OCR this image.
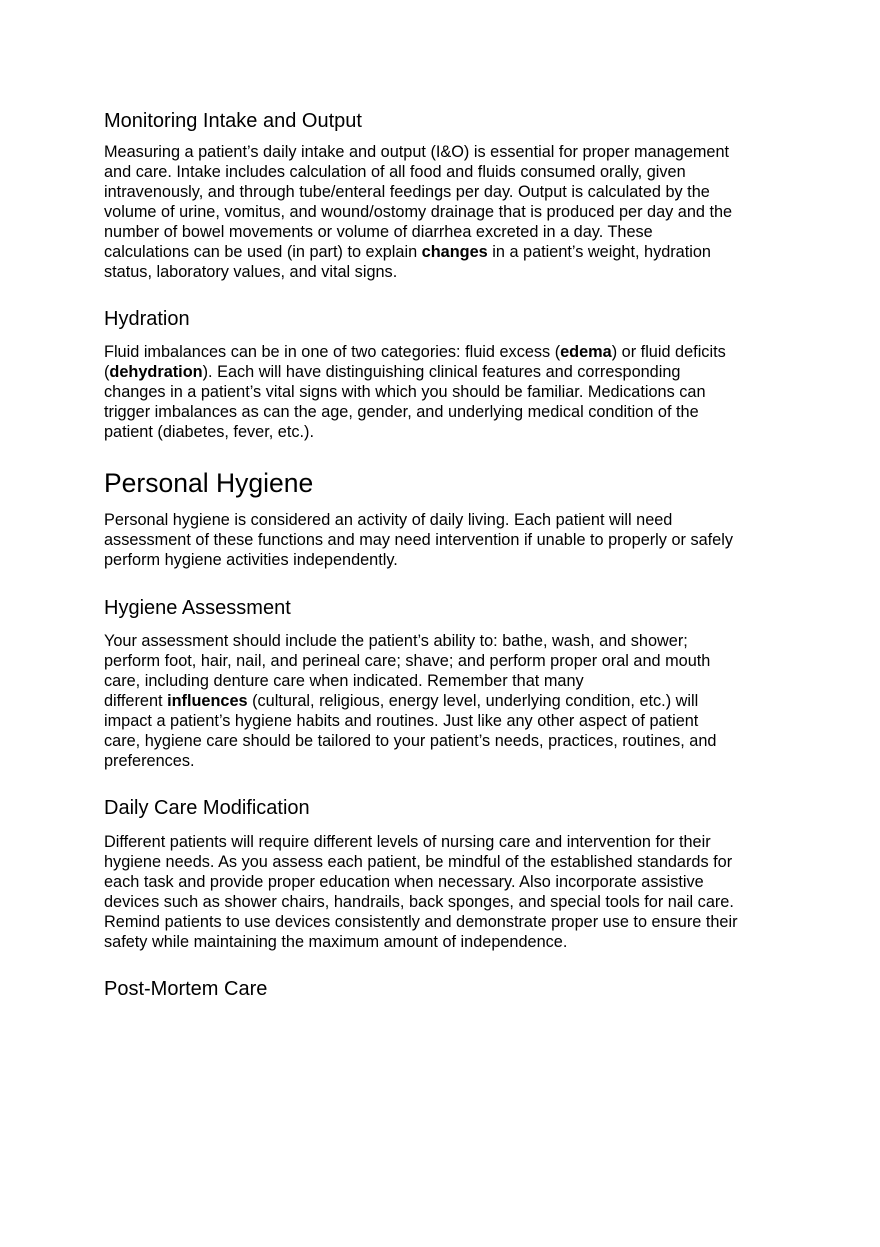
Monitoring Intake and Output
Measuring a patient’s daily intake and output (I&O) is essential for proper management
and care. Intake includes calculation of all food and fluids consumed orally, given
intravenously, and through tube/enteral feedings per day. Output is calculated by the
volume of urine, vomitus, and wound/ostomy drainage that is produced per day and the
number of bowel movements or volume of diarrhea excreted in a day. These
calculations can be used (in part) to explain changes in a patient’s weight, hydration
status, laboratory values, and vital signs.
Hydration
Fluid imbalances can be in one of two categories: fluid excess (edema) or fluid deficits
(dehydration). Each will have distinguishing clinical features and corresponding
changes in a patient’s vital signs with which you should be familiar. Medications can
trigger imbalances as can the age, gender, and underlying medical condition of the
patient (diabetes, fever, etc.).
Personal Hygiene
Personal hygiene is considered an activity of daily living. Each patient will need
assessment of these functions and may need intervention if unable to properly or safely
perform hygiene activities independently.
Hygiene Assessment
Your assessment should include the patient’s ability to: bathe, wash, and shower;
perform foot, hair, nail, and perineal care; shave; and perform proper oral and mouth
care, including denture care when indicated. Remember that many
different influences (cultural, religious, energy level, underlying condition, etc.) will
impact a patient’s hygiene habits and routines. Just like any other aspect of patient
care, hygiene care should be tailored to your patient’s needs, practices, routines, and
preferences.
Daily Care Modification
Different patients will require different levels of nursing care and intervention for their
hygiene needs. As you assess each patient, be mindful of the established standards for
each task and provide proper education when necessary. Also incorporate assistive
devices such as shower chairs, handrails, back sponges, and special tools for nail care.
Remind patients to use devices consistently and demonstrate proper use to ensure their
safety while maintaining the maximum amount of independence.
Post-Mortem Care
